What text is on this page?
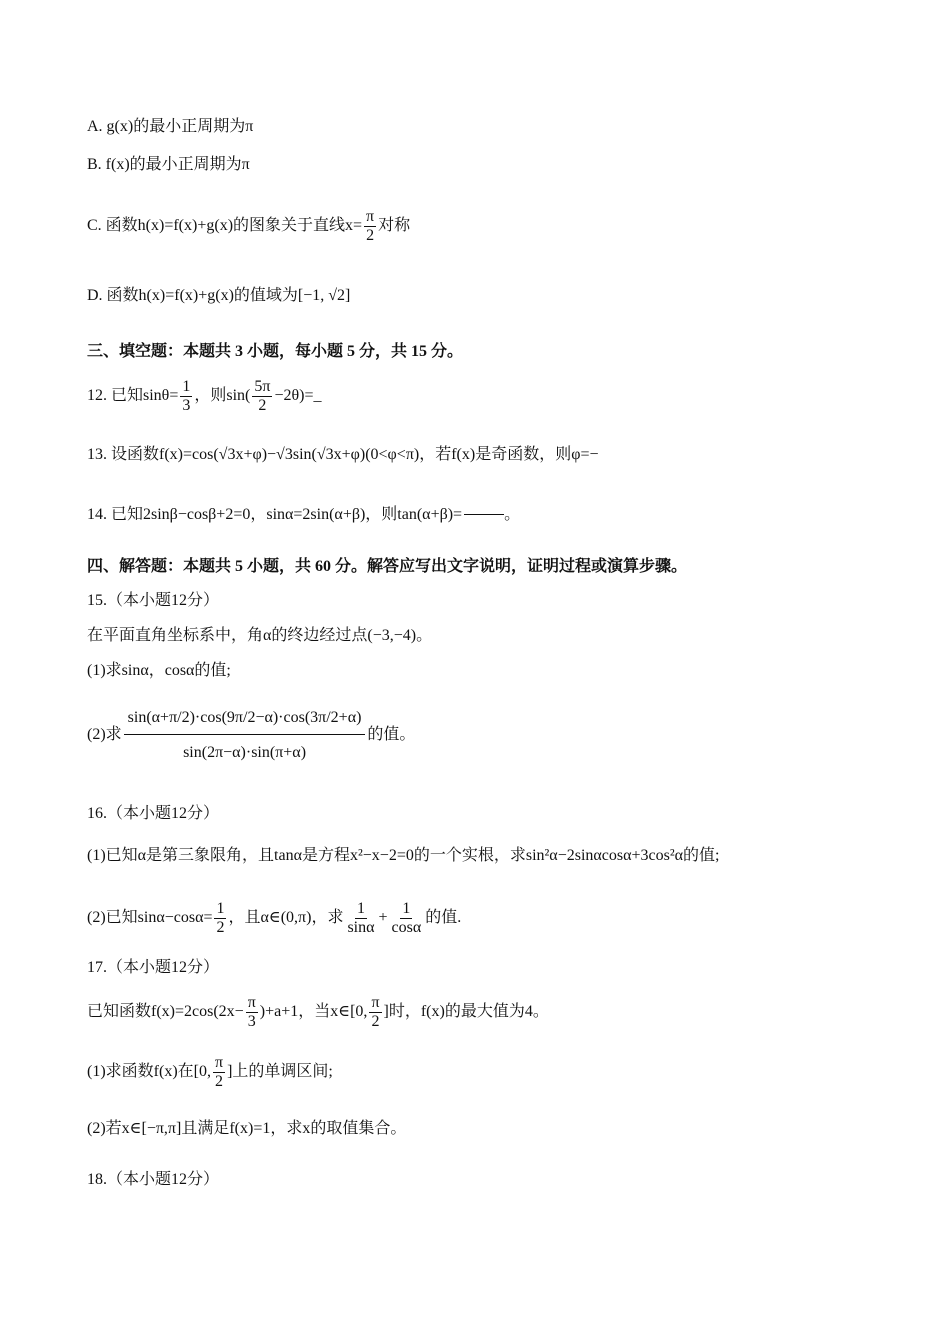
A. g(x)的最小正周期为π
B. f(x)的最小正周期为π
C. 函数h(x)=f(x)+g(x)的图象关于直线$x= \frac{\pi}{2}$ 对称
D. 函数h(x)=f(x)+g(x)的值域为[−1, √2]
三、填空题：本题共 3 小题，每小题 5 分，共 15 分。
12. 已知$\sin\theta= \frac{1}{3}$ ，则$\sin( \frac{5\pi}{2}$ −2θ)=_
13. 设函数f(x)=cos(√3x+φ)−√3sin(√3x+φ)(0<φ<π)，若f(x)是奇函数，则φ=−
14. 已知2sinβ−cosβ+2=0，sinα=2sin(α+β)，则tan(α+β)=	。
四、解答题：本题共 5 小题，共 60 分。解答应写出文字说明，证明过程或演算步骤。
15.（本小题12分）
在平面直角坐标系中，角α的终边经过点(−3,−4)。
(1)求sinα，cosα的值;
(2)求 $\frac{\sin(\alpha+\pi/2)\cdot\cos(9\pi/2-\alpha)\cdot\cos(3\pi/2+\alpha)}{\sin(2\pi-\alpha)\cdot\sin(\pi+\alpha)}$ 的值。
16.（本小题12分）
(1)已知α是第三象限角，且tanα是方程x²−x−2=0的一个实根，求sin²α−2sinαcosα+3cos²α的值;
(2)已知$\sin\alpha-\cos\alpha= \frac{1}{2}$ ，且α∈(0,π)，求 $\frac{1}{\sin\alpha} + \frac{1}{\cos\alpha}$ 的值.
17.（本小题12分）
已知函数$f(x)=2\cos(2x- \frac{\pi}{3} )+a+1$，当x∈[0, $\frac{\pi}{2}$ ]时，f(x)的最大值为4。
(1)求函数f(x)在[0, $\frac{\pi}{2}$ ]上的单调区间;
(2)若x∈[−π,π]且满足f(x)=1，求x的取值集合。
18.（本小题12分）
